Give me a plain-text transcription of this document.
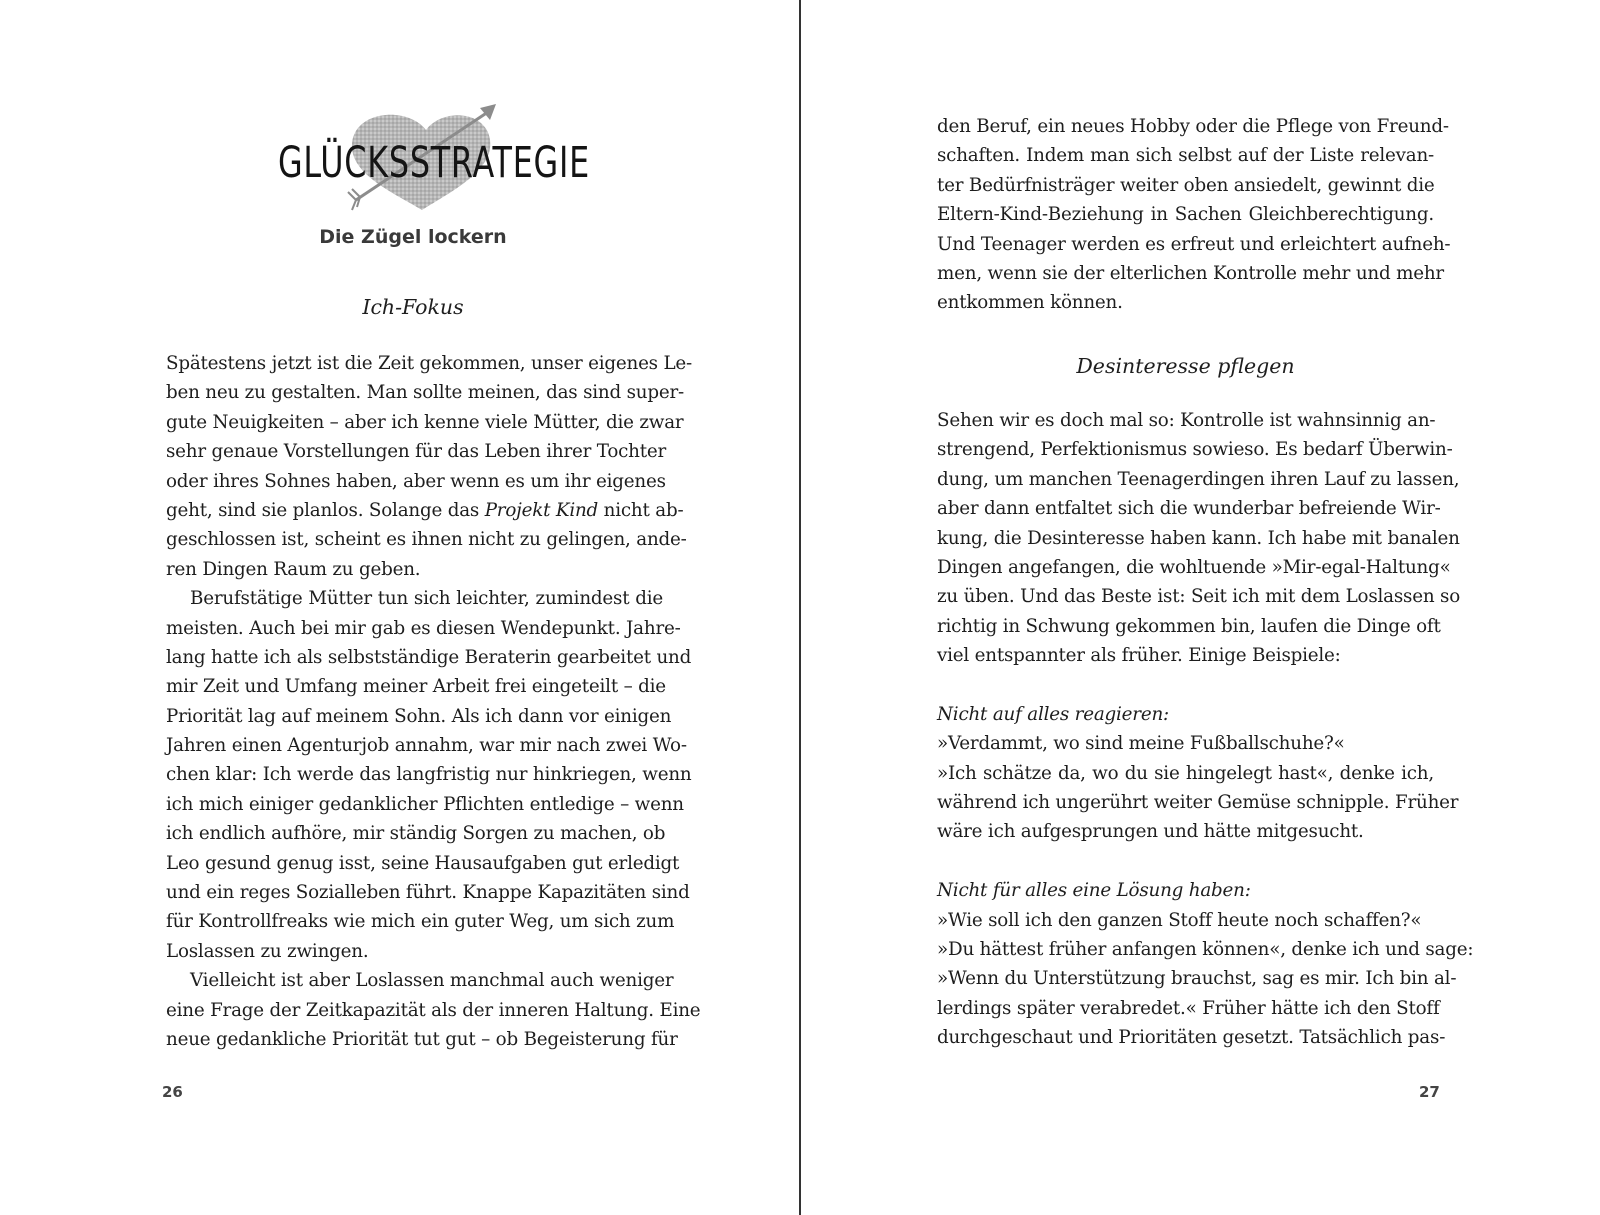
GLÜCKSSTRATEGIE
Die Zügel lockern
Ich-Fokus
Spätestens jetzt ist die Zeit gekommen, unser eigenes Le-
ben neu zu gestalten. Man sollte meinen, das sind super-
gute Neuigkeiten – aber ich kenne viele Mütter, die zwar
sehr genaue Vorstellungen für das Leben ihrer Tochter
oder ihres Sohnes haben, aber wenn es um ihr eigenes
geht, sind sie planlos. Solange das Projekt Kind nicht ab-
geschlossen ist, scheint es ihnen nicht zu gelingen, ande-
ren Dingen Raum zu geben.
Berufstätige Mütter tun sich leichter, zumindest die
meisten. Auch bei mir gab es diesen Wendepunkt. Jahre-
lang hatte ich als selbstständige Beraterin gearbeitet und
mir Zeit und Umfang meiner Arbeit frei eingeteilt – die
Priorität lag auf meinem Sohn. Als ich dann vor einigen
Jahren einen Agenturjob annahm, war mir nach zwei Wo-
chen klar: Ich werde das langfristig nur hinkriegen, wenn
ich mich einiger gedanklicher Pflichten entledige – wenn
ich endlich aufhöre, mir ständig Sorgen zu machen, ob
Leo gesund genug isst, seine Hausaufgaben gut erledigt
und ein reges Sozialleben führt. Knappe Kapazitäten sind
für Kontrollfreaks wie mich ein guter Weg, um sich zum
Loslassen zu zwingen.
Vielleicht ist aber Loslassen manchmal auch weniger
eine Frage der Zeitkapazität als der inneren Haltung. Eine
neue gedankliche Priorität tut gut – ob Begeisterung für
26
den Beruf, ein neues Hobby oder die Pflege von Freund-
schaften. Indem man sich selbst auf der Liste relevan-
ter Bedürfnisträger weiter oben ansiedelt, gewinnt die
Eltern-Kind-Beziehung in Sachen Gleichberechtigung.
Und Teenager werden es erfreut und erleichtert aufneh-
men, wenn sie der elterlichen Kontrolle mehr und mehr
entkommen können.
Desinteresse pflegen
Sehen wir es doch mal so: Kontrolle ist wahnsinnig an-
strengend, Perfektionismus sowieso. Es bedarf Überwin-
dung, um manchen Teenagerdingen ihren Lauf zu lassen,
aber dann entfaltet sich die wunderbar befreiende Wir-
kung, die Desinteresse haben kann. Ich habe mit banalen
Dingen angefangen, die wohltuende »Mir-egal-Haltung«
zu üben. Und das Beste ist: Seit ich mit dem Loslassen so
richtig in Schwung gekommen bin, laufen die Dinge oft
viel entspannter als früher. Einige Beispiele:
Nicht auf alles reagieren:
»Verdammt, wo sind meine Fußballschuhe?«
»Ich schätze da, wo du sie hingelegt hast«, denke ich,
während ich ungerührt weiter Gemüse schnipple. Früher
wäre ich aufgesprungen und hätte mitgesucht.
Nicht für alles eine Lösung haben:
»Wie soll ich den ganzen Stoff heute noch schaffen?«
»Du hättest früher anfangen können«, denke ich und sage:
»Wenn du Unterstützung brauchst, sag es mir. Ich bin al-
lerdings später verabredet.« Früher hätte ich den Stoff
durchgeschaut und Prioritäten gesetzt. Tatsächlich pas-
27
